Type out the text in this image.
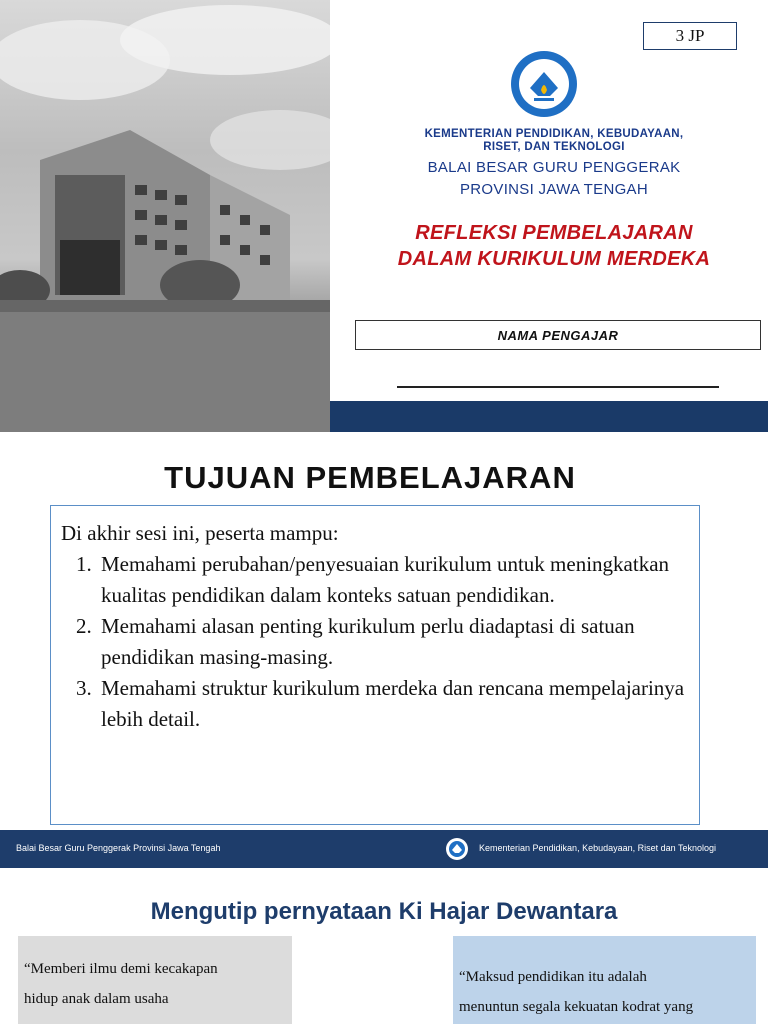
3 JP
KEMENTERIAN PENDIDIKAN, KEBUDAYAAN,
RISET, DAN TEKNOLOGI
BALAI BESAR GURU PENGGERAK
PROVINSI JAWA TENGAH
REFLEKSI PEMBELAJARAN
DALAM KURIKULUM MERDEKA
NAMA PENGAJAR
TUJUAN PEMBELAJARAN
Di akhir sesi ini, peserta mampu:
1. Memahami perubahan/penyesuaian kurikulum untuk meningkatkan kualitas pendidikan dalam konteks satuan pendidikan.
2. Memahami alasan penting kurikulum perlu diadaptasi di satuan pendidikan masing-masing.
3. Memahami struktur kurikulum merdeka dan rencana mempelajarinya lebih detail.
Balai Besar Guru Penggerak Provinsi Jawa Tengah	Kementerian Pendidikan, Kebudayaan, Riset dan Teknologi
Mengutip pernyataan Ki Hajar Dewantara
“Memberi ilmu demi kecakapan
hidup anak dalam usaha
“Maksud pendidikan itu adalah
menuntun segala kekuatan kodrat yang
